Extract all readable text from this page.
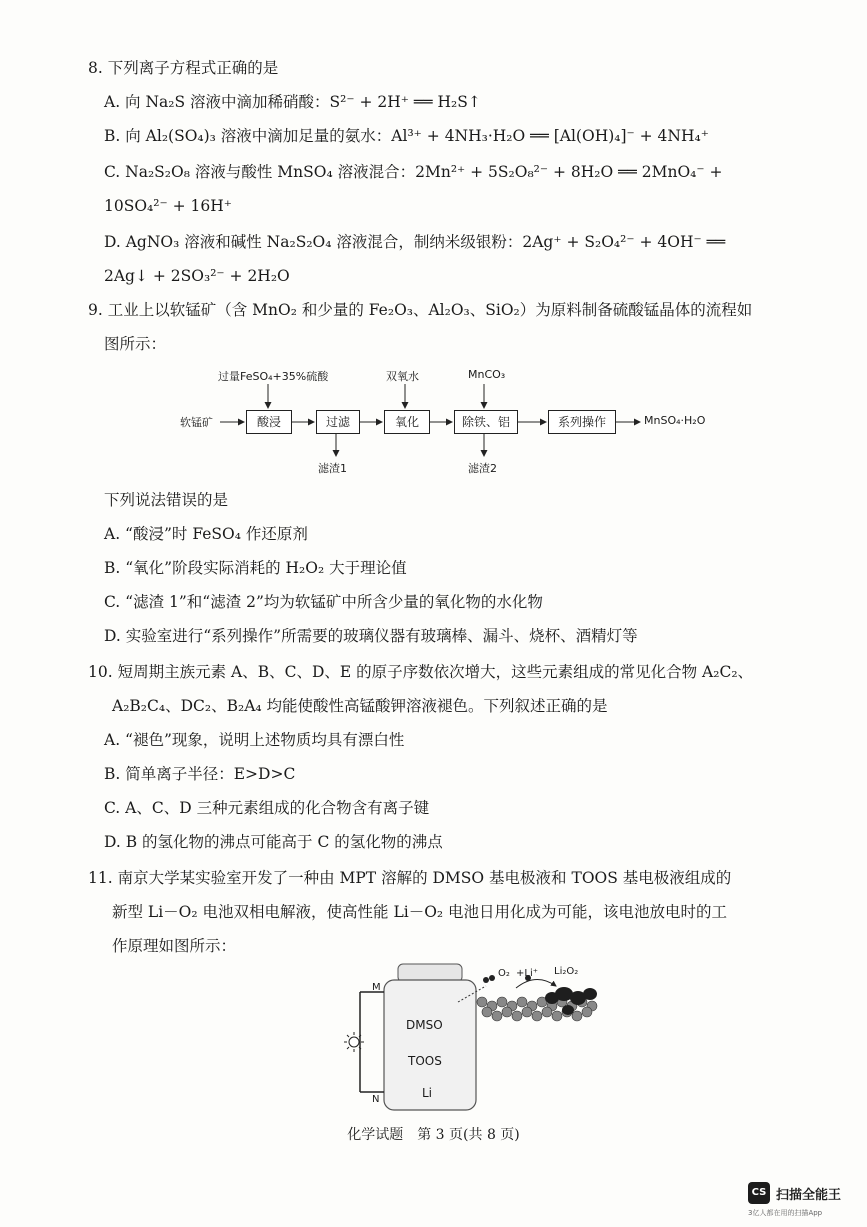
8. 下列离子方程式正确的是
A. 向 Na₂S 溶液中滴加稀硝酸：S²⁻ + 2H⁺ ══ H₂S↑
B. 向 Al₂(SO₄)₃ 溶液中滴加足量的氨水：Al³⁺ + 4NH₃·H₂O ══ [Al(OH)₄]⁻ + 4NH₄⁺
C. Na₂S₂O₈ 溶液与酸性 MnSO₄ 溶液混合：2Mn²⁺ + 5S₂O₈²⁻ + 8H₂O ══ 2MnO₄⁻ +
10SO₄²⁻ + 16H⁺
D. AgNO₃ 溶液和碱性 Na₂S₂O₄ 溶液混合，制纳米级银粉：2Ag⁺ + S₂O₄²⁻ + 4OH⁻ ══
2Ag↓ + 2SO₃²⁻ + 2H₂O
9. 工业上以软锰矿（含 MnO₂ 和少量的 Fe₂O₃、Al₂O₃、SiO₂）为原料制备硫酸锰晶体的流程如
图所示：
软锰矿
过量FeSO₄+35%硫酸	双氧水	MnCO₃
酸浸	过滤	氧化	除铁、铝	系列操作	MnSO₄·H₂O
滤渣1	滤渣2
下列说法错误的是
A. “酸浸”时 FeSO₄ 作还原剂
B. “氧化”阶段实际消耗的 H₂O₂ 大于理论值
C. “滤渣 1”和“滤渣 2”均为软锰矿中所含少量的氧化物的水化物
D. 实验室进行“系列操作”所需要的玻璃仪器有玻璃棒、漏斗、烧杯、酒精灯等
10. 短周期主族元素 A、B、C、D、E 的原子序数依次增大，这些元素组成的常见化合物 A₂C₂、
A₂B₂C₄、DC₂、B₂A₄ 均能使酸性高锰酸钾溶液褪色。下列叙述正确的是
A. “褪色”现象，说明上述物质均具有漂白性
B. 简单离子半径：E>D>C
C. A、C、D 三种元素组成的化合物含有离子键
D. B 的氢化物的沸点可能高于 C 的氢化物的沸点
11. 南京大学某实验室开发了一种由 MPT 溶解的 DMSO 基电极液和 TOOS 基电极液组成的
新型 Li－O₂ 电池双相电解液，使高性能 Li－O₂ 电池日用化成为可能，该电池放电时的工
作原理如图所示：
M
N
DMSO
TOOS
Li
O₂ +Li⁺ Li₂O₂
化学试题　第 3 页(共 8 页)
CS 扫描全能王
3亿人都在用的扫描App
